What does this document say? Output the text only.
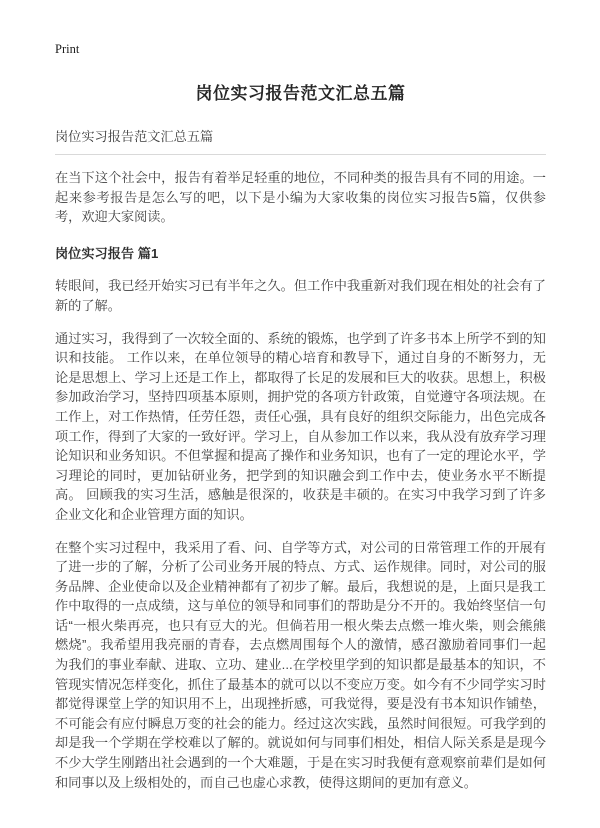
Print
岗位实习报告范文汇总五篇
岗位实习报告范文汇总五篇

在当下这个社会中，报告有着举足轻重的地位，不同种类的报告具有不同的用途。一起来参考报告是怎么写的吧，以下是小编为大家收集的岗位实习报告5篇，仅供参考，欢迎大家阅读。

岗位实习报告 篇1

转眼间，我已经开始实习已有半年之久。但工作中我重新对我们现在相处的社会有了新的了解。

通过实习，我得到了一次较全面的、系统的锻炼，也学到了许多书本上所学不到的知识和技能。 工作以来，在单位领导的精心培育和教导下，通过自身的不断努力，无论是思想上、学习上还是工作上，都取得了长足的发展和巨大的收获。思想上，积极参加政治学习，坚持四项基本原则，拥护党的各项方针政策，自觉遵守各项法规。在工作上，对工作热情，任劳任怨，责任心强，具有良好的组织交际能力，出色完成各项工作，得到了大家的一致好评。学习上，自从参加工作以来，我从没有放弃学习理论知识和业务知识。不但掌握和提高了操作和业务知识，也有了一定的理论水平，学习理论的同时，更加钻研业务，把学到的知识融会到工作中去，使业务水平不断提高。 回顾我的实习生活，感触是很深的，收获是丰硕的。在实习中我学习到了许多企业文化和企业管理方面的知识。

在整个实习过程中，我采用了看、问、自学等方式，对公司的日常管理工作的开展有了进一步的了解，分析了公司业务开展的特点、方式、运作规律。同时，对公司的服务品牌、企业使命以及企业精神都有了初步了解。最后，我想说的是，上面只是我工作中取得的一点成绩，这与单位的领导和同事们的帮助是分不开的。我始终坚信一句话“一根火柴再亮，也只有豆大的光。但倘若用一根火柴去点燃一堆火柴，则会熊熊燃烧”。我希望用我亮丽的青春，去点燃周围每个人的激情，感召激励着同事们一起为我们的事业奉献、进取、立功、建业...在学校里学到的知识都是最基本的知识，不管现实情况怎样变化，抓住了最基本的就可以以不变应万变。如今有不少同学实习时都觉得课堂上学的知识用不上，出现挫折感，可我觉得，要是没有书本知识作铺垫，不可能会有应付瞬息万变的社会的能力。经过这次实践，虽然时间很短。可我学到的却是我一个学期在学校难以了解的。就说如何与同事们相处，相信人际关系是是现今不少大学生刚踏出社会遇到的一个大难题，于是在实习时我便有意观察前辈们是如何和同事以及上级相处的，而自己也虚心求教，使得这期间的更加有意义。
